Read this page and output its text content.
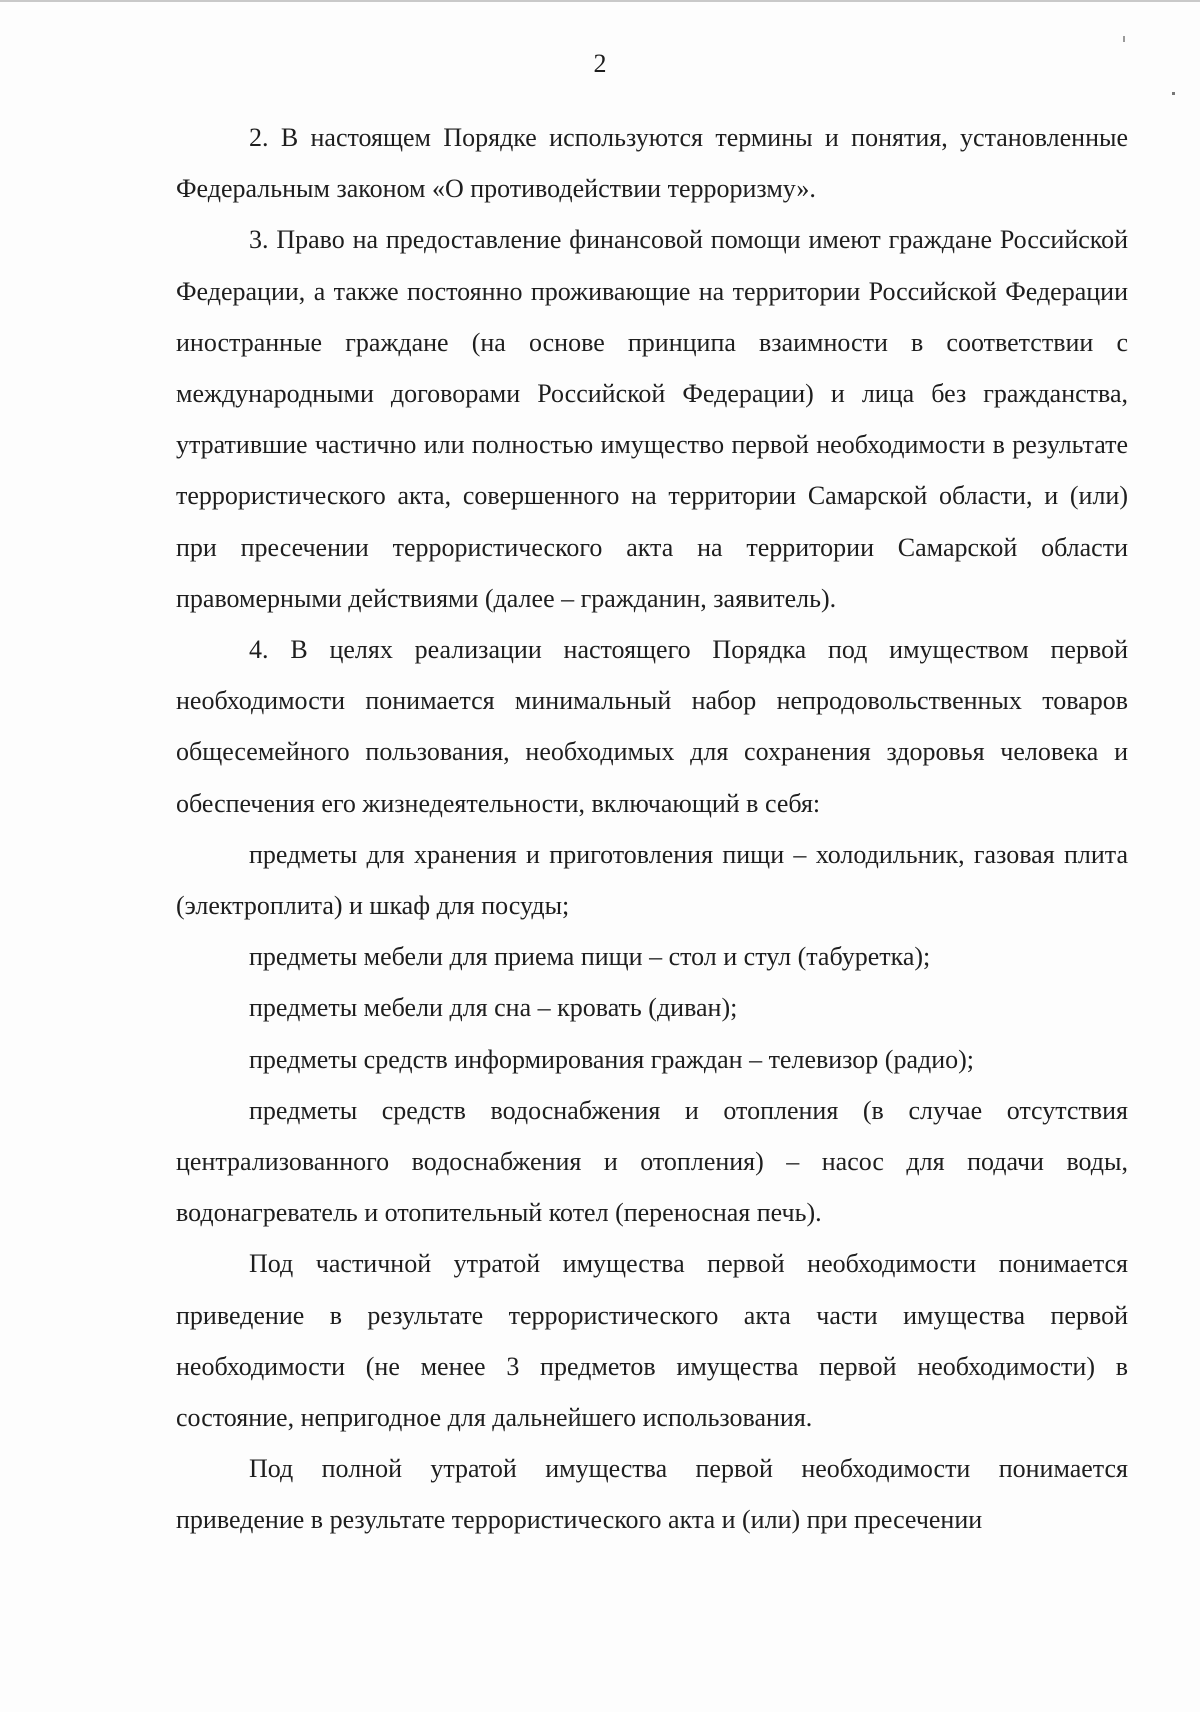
2

2. В настоящем Порядке используются термины и понятия, установленные Федеральным законом «О противодействии терроризму».

3. Право на предоставление финансовой помощи имеют граждане Российской Федерации, а также постоянно проживающие на территории Российской Федерации иностранные граждане (на основе принципа взаимности в соответствии с международными договорами Российской Федерации) и лица без гражданства, утратившие частично или полностью имущество первой необходимости в результате террористического акта, совершенного на территории Самарской области, и (или) при пресечении террористического акта на территории Самарской области правомерными действиями (далее – гражданин, заявитель).

4. В целях реализации настоящего Порядка под имуществом первой необходимости понимается минимальный набор непродовольственных товаров общесемейного пользования, необходимых для сохранения здоровья человека и обеспечения его жизнедеятельности, включающий в себя:

предметы для хранения и приготовления пищи – холодильник, газовая плита (электроплита) и шкаф для посуды;

предметы мебели для приема пищи – стол и стул (табуретка);

предметы мебели для сна – кровать (диван);

предметы средств информирования граждан – телевизор (радио);

предметы средств водоснабжения и отопления (в случае отсутствия централизованного водоснабжения и отопления) – насос для подачи воды, водонагреватель и отопительный котел (переносная печь).

Под частичной утратой имущества первой необходимости понимается приведение в результате террористического акта части имущества первой необходимости (не менее 3 предметов имущества первой необходимости) в состояние, непригодное для дальнейшего использования.

Под полной утратой имущества первой необходимости понимается приведение в результате террористического акта и (или) при пресечении
